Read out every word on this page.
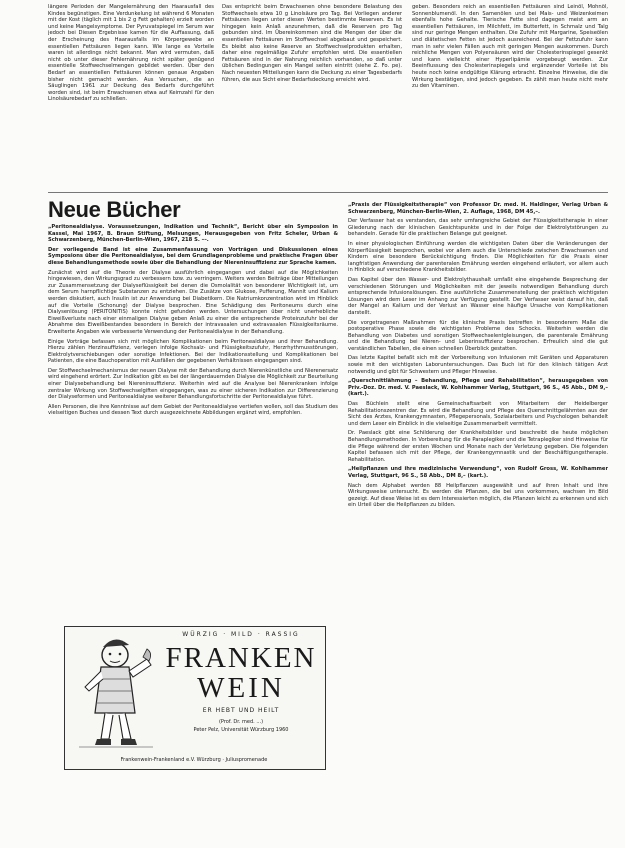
längere Perioden der Mangelernährung den Haarausfall des Kindes begünstigen. Eine Verdunkelung ist während 6 Monaten mit der Kost (täglich mit 1 bis 2 g Fett gehalten) erzielt worden und keine Mangelsymptome. Der Pyruvatspiegel im Serum war jedoch bei Diesen Ergebnisse kamen für die Auffassung, daß der Erscheinung des Haarausfalls im Körpergewebe an essentiellen Fettsäuren liegen kann. Wie lange es Vorteile waren ist allerdings nicht bekannt. Man wird vermuten, daß nicht ob unter dieser Fehlernährung nicht später genügend essentielle Stoffwechselmengen gebildet werden. Über den Bedarf an essentiellen Fettsäuren können genaue Angaben bisher nicht gemacht werden. Aus Versuchen, die an Säuglingen 1961 zur Deckung des Bedarfs durchgeführt worden sind, ist beim Erwachsenen etwa auf Keimzahl für den Linolsäurebedarf zu schließen.

Das entspricht beim Erwachsenen ohne besondere Belastung des Stoffwechsels etwa 10 g Linolsäure pro Tag. Bei Vorliegen anderer Fettsäuren liegen unter diesen Werten bestimmte Reserven. Es ist hingegen kein Anlaß anzunehmen, daß die Reserven pro Tag gebunden sind. Im Übereinkommen sind die Mengen der über die essentiellen Fettsäuren im Stoffwechsel abgebaut und gespeichert. Es bleibt also keine Reserve an Stoffwechselprodukten erhalten, daher eine regelmäßige Zufuhr empfohlen wird. Die essentiellen Fettsäuren sind in der Nahrung reichlich vorhanden, so daß unter üblichen Bedingungen ein Mangel selten eintritt (siehe Z. Fo. pe). Nach neuesten Mitteilungen kann die Deckung zu einer Tagesbedarfs führen, die aus Sicht einer Bedarfsdeckung erreicht wird.

geben. Besonders reich an essentiellen Fettsäuren sind Leinöl, Mohnöl, Sonnenblumenöl. In den Samenölen und bei Mais- und Weizenkeimen ebenfalls hohe Gehalte. Tierische Fette sind dagegen meist arm an essentiellen Fettsäuren, im Milchfett, im Butterfett, in Schmalz und Talg sind nur geringe Mengen enthalten. Die Zufuhr mit Margarine, Speiseölen und diätetischen Fetten ist jedoch ausreichend. Bei der Fettzufuhr kann man in sehr vielen Fällen auch mit geringen Mengen auskommen. Durch reichliche Mengen von Polyensäuren wird der Cholesterinspiegel gesenkt und kann vielleicht einer Hyperlipämie vorgebeugt werden. Zur Beeinflussung des Cholesterinspiegels und ergänzender Vorteile ist bis heute noch keine endgültige Klärung erbracht. Einzelne Hinweise, die die Wirkung bestätigen, sind jedoch gegeben. Es zählt man heute nicht mehr zu den Vitaminen.

Neue Bücher

„Peritonealdialyse. Voraussetzungen, Indikation und Technik“, Bericht über ein Symposion in Kassel, Mai 1967, B. Braun Stiftung, Melsungen, Herausgegeben von Fritz Scheler, Urban & Schwarzenberg, München-Berlin-Wien, 1967, 218 S. ––.

Der vorliegende Band ist eine Zusammenfassung von Vorträgen und Diskussionen eines Symposions über die Peritonealdialyse, bei dem Grundlagenprobleme und praktische Fragen über diese Behandlungsmethode sowie über die Behandlung der Niereninsuffizienz zur Sprache kamen.

Zunächst wird auf die Theorie der Dialyse ausführlich eingegangen und dabei auf die Möglichkeiten hingewiesen, den Wirkungsgrad zu verbessern bzw. zu verringern. Weiters werden Beiträge über Mitteilungen zur Zusammensetzung der Dialyseflüssigkeit bei denen die Osmolalität von besonderer Wichtigkeit ist, um dem Serum harnpflichtige Substanzen zu entziehen. Die Zusätze von Glukose, Pufferung, Mannit und Kalium werden diskutiert, auch Insulin ist zur Anwendung bei Diabetikern. Die Natriumkonzentration wird im Hinblick auf die Vorteile (Schonung) der Dialyse besprochen. Eine Schädigung des Peritoneums durch eine Dialysenlösung (PERITONITIS) konnte nicht gefunden werden. Untersuchungen über nicht unerhebliche Eiweißverluste nach einer einmaligen Dialyse geben Anlaß zu einer die entsprechende Proteinzufuhr bei der Abnahme des Eiweißbestandes besonders in Bereich der intravasalen und extravasalen Flüssigkeitsräume. Erweiterte Angaben wie verbesserte Verwendung der Peritonealdialyse in der Behandlung.

Einige Vorträge befassen sich mit möglichen Komplikationen beim Peritonealdialyse und ihrer Behandlung. Hierzu zählen Herzinsuffizienz, verlegen infolge Kochsalz- und Flüssigkeitszufuhr, Herzrhythmusstörungen, Elektrolytverschiebungen oder sonstige Infektionen. Bei der Indikationsstellung und Komplikationen bei Patienten, die eine Bauchoperation mit Ausfällen der gegebenen Verhältnissen eingegangen sind.

Der Stoffwechselmechanismus der neuen Dialyse mit der Behandlung durch Nierenkünstliche und Nierenersatz wird eingehend erörtert. Zur Indikation gibt es bei der längerdauernden Dialyse die Möglichkeit zur Beurteilung einer Dialysebehandlung bei Niereninsuffizienz. Weiterhin wird auf die Analyse bei Nierenkranken infolge zentraler Wirkung von Stoffwechselgiften eingegangen, was zu einer sicheren Indikation zur Differenzierung der Dialyseformen und Peritonealdialyse weiterer Behandlungsfortschritte der Peritonealdialyse führt.

Allen Personen, die ihre Kenntnisse auf dem Gebiet der Peritonealdialyse vertiefen wollen, soll das Studium des vielseitigen Buches und dessen Text durch ausgezeichnete Abbildungen ergänzt wird, empfohlen.

WÜRZIG · MILD · RASSIG
FRANKEN
WEIN
ER HEBT UND HEILT
(Prof. Dr. med. ...)
Peter Pelz, Universität Würzburg 1960
Frankenwein-Frankenland e.V. Würzburg · Juliuspromenade

„Praxis der Flüssigkeitstherapie“ von Professor Dr. med. H. Haldinger, Verlag Urban & Schwarzenberg, München-Berlin-Wien, 2. Auflage, 1968, DM 45,–.

Der Verfasser hat es verstanden, das sehr umfangreiche Gebiet der Flüssigkeitstherapie in einer Gliederung nach der klinischen Gesichtspunkte und in der Folge der Elektrolytstörungen zu behandeln. Gerade für die praktischen Belange gut geeignet.

In einer physiologischen Einführung werden die wichtigsten Daten über die Veränderungen der Körperflüssigkeit besprochen, wobei vor allem auch die Unterschiede zwischen Erwachsenen und Kindern eine besondere Berücksichtigung finden. Die Möglichkeiten für die Praxis einer langfristigen Anwendung der parenteralen Ernährung werden eingehend erläutert, vor allem auch in Hinblick auf verschiedene Krankheitsbilder.

Das Kapitel über den Wasser- und Elektrolythaushalt umfaßt eine eingehende Besprechung der verschiedenen Störungen und Möglichkeiten mit der jeweils notwendigen Behandlung durch entsprechende Infusionslösungen. Eine ausführliche Zusammenstellung der praktisch wichtigsten Lösungen wird dem Leser im Anhang zur Verfügung gestellt. Der Verfasser weist darauf hin, daß der Mangel an Kalium und der Verlust an Wasser eine häufige Ursache von Komplikationen darstellt.

Die vorgetragenen Maßnahmen für die klinische Praxis betreffen in besonderem Maße die postoperative Phase sowie die wichtigsten Probleme des Schocks. Weiterhin werden die Behandlung von Diabetes und sonstigen Stoffwechselentgleisungen, die parenterale Ernährung und die Behandlung bei Nieren- und Leberinsuffizienz besprochen. Erfreulich sind die gut verständlichen Tabellen, die einen schnellen Überblick gestatten.

Das letzte Kapitel befaßt sich mit der Vorbereitung von Infusionen mit Geräten und Apparaturen sowie mit den wichtigsten Laboruntersuchungen. Das Buch ist für den klinisch tätigen Arzt notwendig und gibt für Schwestern und Pfleger Hinweise.

„Querschnittlähmung – Behandlung, Pflege und Rehabilitation“, herausgegeben von Priv.-Doz. Dr. med. V. Paeslack, W. Kohlhammer Verlag, Stuttgart, 96 S., 45 Abb., DM 9,– (kart.).

Das Büchlein stellt eine Gemeinschaftsarbeit von Mitarbeitern der Heidelberger Rehabilitationszentren dar. Es wird die Behandlung und Pflege des Querschnittgelähmten aus der Sicht des Arztes, Krankengymnasten, Pflegepersonals, Sozialarbeiters und Psychologen behandelt und dem Leser ein Einblick in die vielseitige Zusammenarbeit vermittelt.

Dr. Paeslack gibt eine Schilderung der Krankheitsbilder und beschreibt die heute möglichen Behandlungsmethoden. In Vorbereitung für die Paraplegiker und die Tetraplegiker sind Hinweise für die Pflege während der ersten Wochen und Monate nach der Verletzung gegeben. Die folgenden Kapitel befassen sich mit der Pflege, der Krankengymnastik und der Beschäftigungstherapie. Rehabilitation.

„Heilpflanzen und ihre medizinische Verwendung“, von Rudolf Gross, W. Kohlhammer Verlag, Stuttgart, 96 S., 58 Abb., DM 8,– (kart.).

Nach dem Alphabet werden 88 Heilpflanzen ausgewählt und auf ihren Inhalt und ihre Wirkungsweise untersucht. Es werden die Pflanzen, die bei uns vorkommen, wachsen im Bild gezeigt. Auf diese Weise ist es dem Interessierten möglich, die Pflanzen leicht zu erkennen und sich ein Urteil über die Heilpflanzen zu bilden.
